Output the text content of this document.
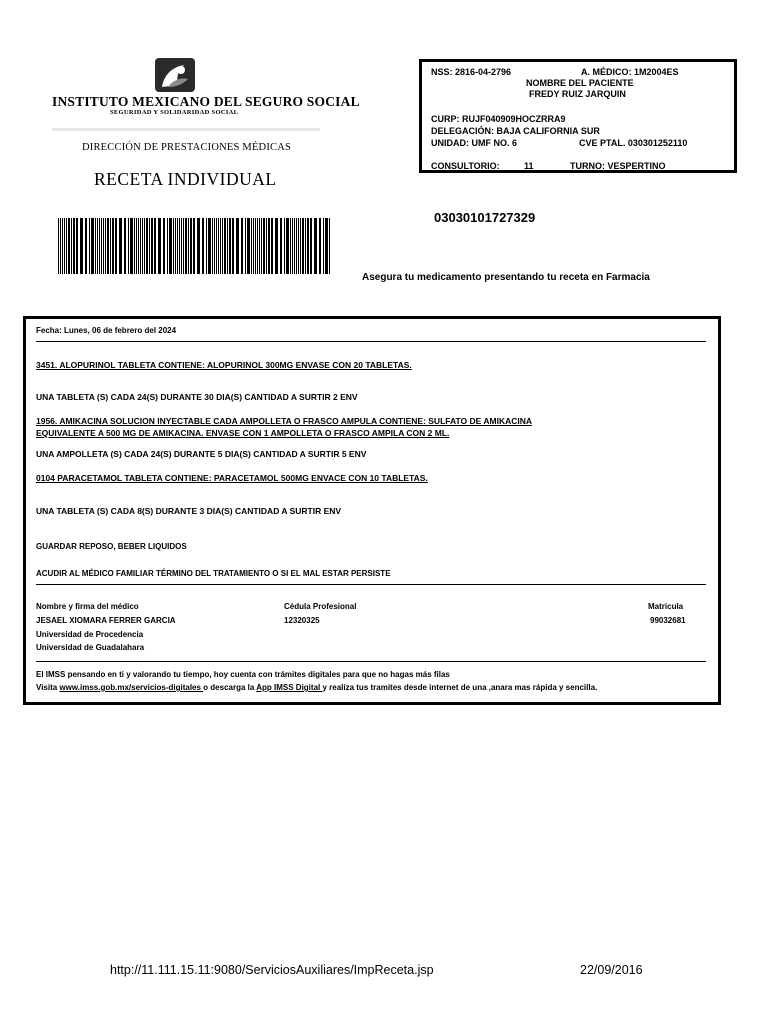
INSTITUTO MEXICANO DEL SEGURO SOCIAL
SEGURIDAD Y SOLIDARIDAD SOCIAL
DIRECCIÓN DE PRESTACIONES MÉDICAS
RECETA INDIVIDUAL
NSS: 2816-04-2796	A. MÉDICO: 1M2004ES
NOMBRE DEL PACIENTE
FREDY RUIZ JARQUIN
CURP: RUJF040909HOCZRRA9
DELEGACIÓN: BAJA CALIFORNIA SUR
UNIDAD: UMF NO. 6	CVE PTAL. 030301252110
CONSULTORIO:	11	TURNO: VESPERTINO
03030101727329
Asegura tu medicamento presentando tu receta en Farmacia
Fecha: Lunes, 06 de febrero del 2024
3451. ALOPURINOL TABLETA CONTIENE: ALOPURINOL 300MG ENVASE CON 20 TABLETAS.
UNA TABLETA (S) CADA 24(S) DURANTE 30 DIA(S) CANTIDAD A SURTIR 2 ENV
1956. AMIKACINA SOLUCION INYECTABLE CADA AMPOLLETA O FRASCO AMPULA CONTIENE: SULFATO DE AMIKACINA
EQUIVALENTE A 500 MG DE AMIKACINA. ENVASE CON 1 AMPOLLETA O FRASCO AMPILA CON 2 ML.
UNA AMPOLLETA (S) CADA 24(S) DURANTE 5 DIA(S) CANTIDAD A SURTIR 5 ENV
0104 PARACETAMOL TABLETA CONTIENE: PARACETAMOL 500MG ENVACE CON 10 TABLETAS.
UNA TABLETA (S) CADA 8(S) DURANTE 3 DIA(S) CANTIDAD A SURTIR ENV
GUARDAR REPOSO, BEBER LIQUIDOS
ACUDIR AL MÉDICO FAMILIAR TÉRMINO DEL TRATAMIENTO O SI EL MAL ESTAR PERSISTE
Nombre y firma del médico	Cédula Profesional	Matricula
JESAEL XIOMARA FERRER GARCIA	12320325	99032681
Universidad de Procedencia
Universidad de Guadalahara
El IMSS pensando en ti y valorando tu tiempo, hoy cuenta con trámites digitales para que no hagas más filas
Visita www.imss.gob.mx/servicios-digitales o descarga la App IMSS Digital y realiza tus tramites desde internet de una ,anara mas rápida y sencilla.
http://11.111.15.11:9080/ServiciosAuxiliares/ImpReceta.jsp	22/09/2016
